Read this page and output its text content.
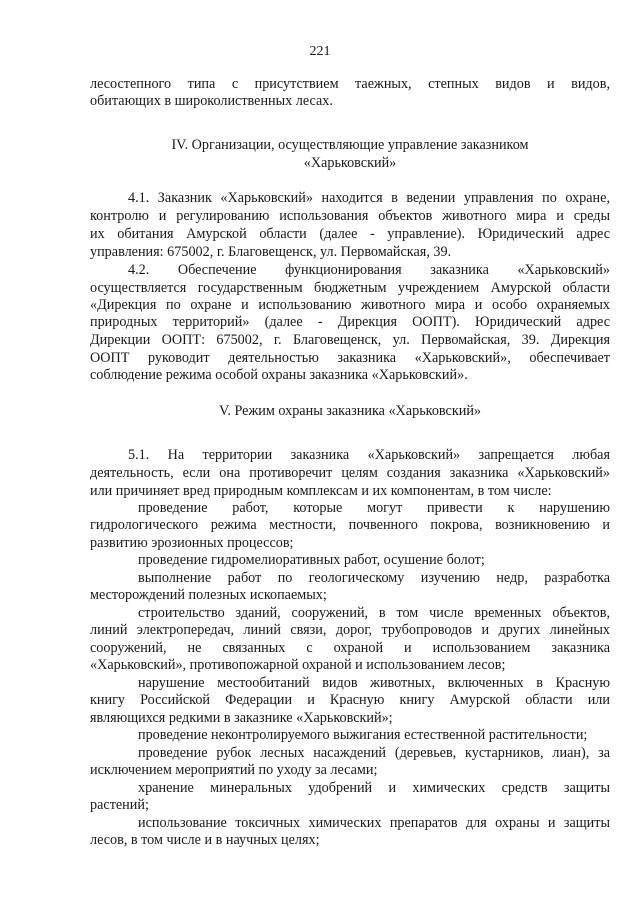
221
лесостепного типа с присутствием таежных, степных видов и видов,
обитающих в широколиственных лесах.
IV. Организации, осуществляющие управление заказником
«Харьковский»
4.1. Заказник «Харьковский» находится в ведении управления по охране,
контролю и регулированию использования объектов животного мира и среды
их обитания Амурской области (далее - управление). Юридический адрес
управления: 675002, г. Благовещенск, ул. Первомайская, 39.
4.2. Обеспечение функционирования заказника «Харьковский»
осуществляется государственным бюджетным учреждением Амурской области
«Дирекция по охране и использованию животного мира и особо охраняемых
природных территорий» (далее - Дирекция ООПТ). Юридический адрес
Дирекции ООПТ: 675002, г. Благовещенск, ул. Первомайская, 39. Дирекция
ООПТ руководит деятельностью заказника «Харьковский», обеспечивает
соблюдение режима особой охраны заказника «Харьковский».
V. Режим охраны заказника «Харьковский»
5.1. На территории заказника «Харьковский» запрещается любая
деятельность, если она противоречит целям создания заказника «Харьковский»
или причиняет вред природным комплексам и их компонентам, в том числе:
проведение работ, которые могут привести к нарушению
гидрологического режима местности, почвенного покрова, возникновению и
развитию эрозионных процессов;
проведение гидромелиоративных работ, осушение болот;
выполнение работ по геологическому изучению недр, разработка
месторождений полезных ископаемых;
строительство зданий, сооружений, в том числе временных объектов,
линий электропередач, линий связи, дорог, трубопроводов и других линейных
сооружений, не связанных с охраной и использованием заказника
«Харьковский», противопожарной охраной и использованием лесов;
нарушение местообитаний видов животных, включенных в Красную
книгу Российской Федерации и Красную книгу Амурской области или
являющихся редкими в заказнике «Харьковский»;
проведение неконтролируемого выжигания естественной растительности;
проведение рубок лесных насаждений (деревьев, кустарников, лиан), за
исключением мероприятий по уходу за лесами;
хранение минеральных удобрений и химических средств защиты
растений;
использование токсичных химических препаратов для охраны и защиты
лесов, в том числе и в научных целях;
